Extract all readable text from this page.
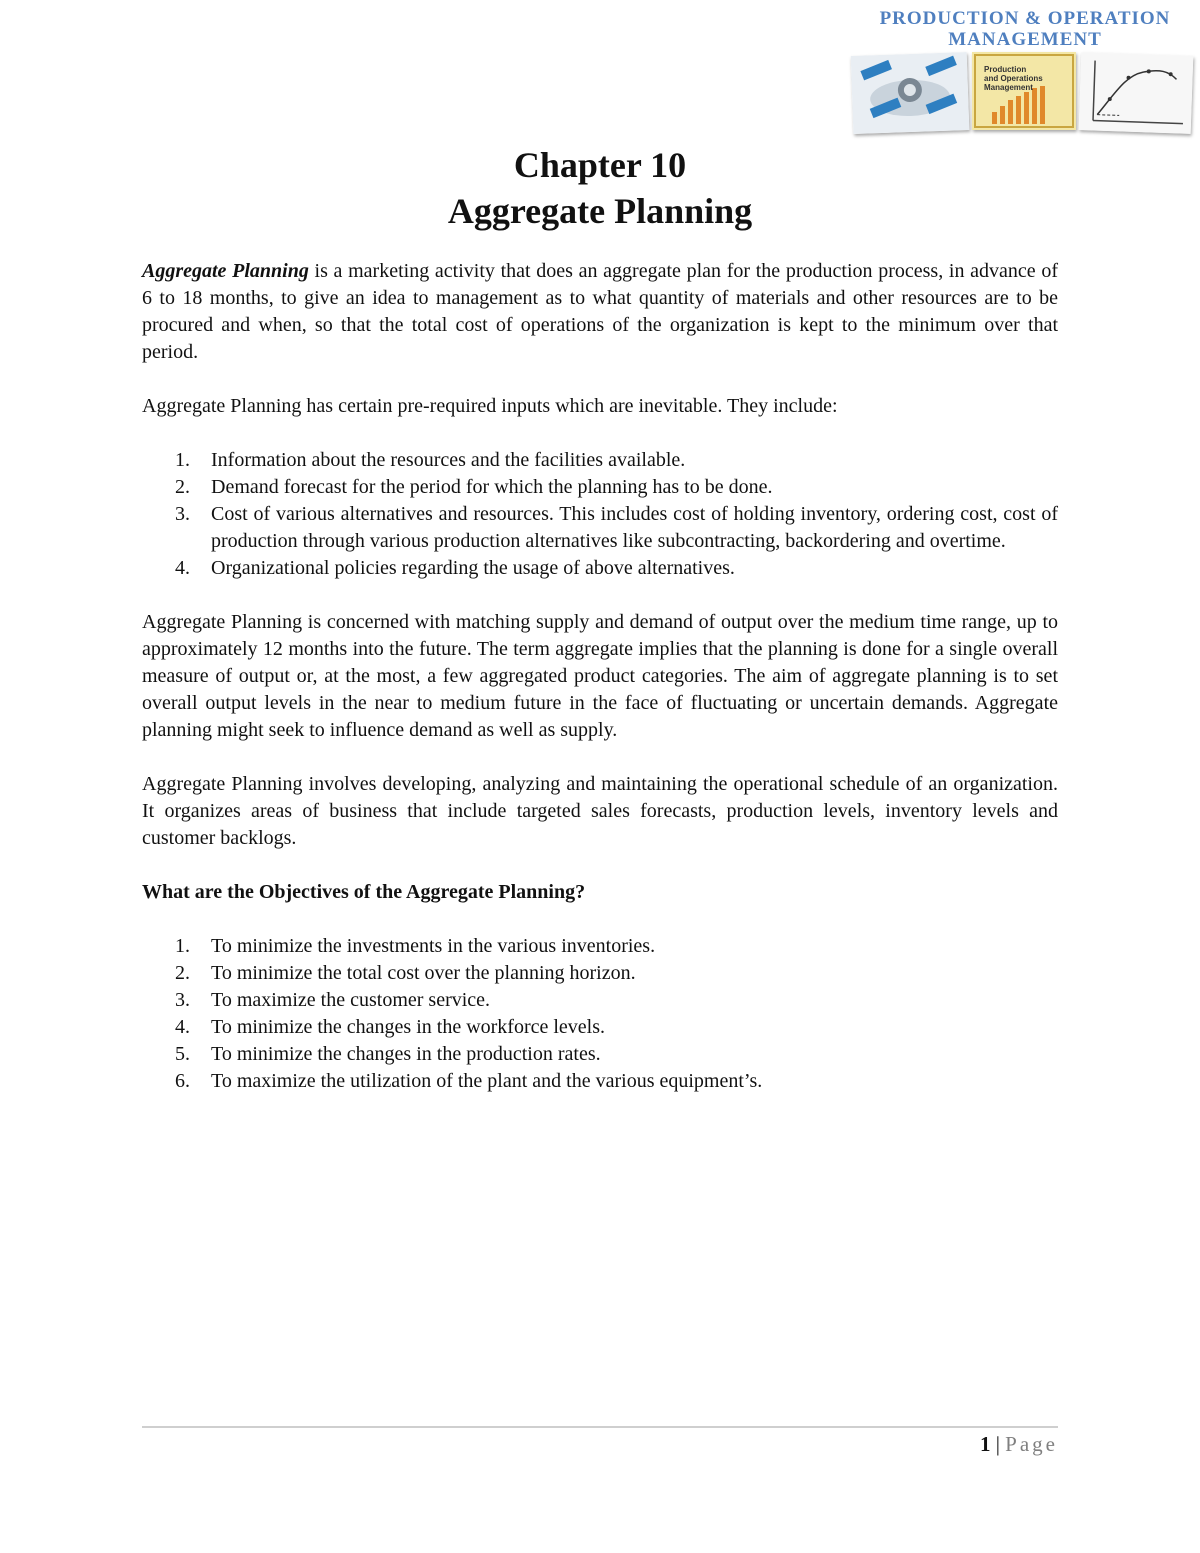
PRODUCTION & OPERATION
MANAGEMENT
Production
and Operations
Management
Chapter 10
Aggregate Planning

Aggregate Planning is a marketing activity that does an aggregate plan for the production process, in advance of 6 to 18 months, to give an idea to management as to what quantity of materials and other resources are to be procured and when, so that the total cost of operations of the organization is kept to the minimum over that period.

Aggregate Planning has certain pre-required inputs which are inevitable. They include:

1. Information about the resources and the facilities available.
2. Demand forecast for the period for which the planning has to be done.
3. Cost of various alternatives and resources. This includes cost of holding inventory, ordering cost, cost of production through various production alternatives like subcontracting, backordering and overtime.
4. Organizational policies regarding the usage of above alternatives.

Aggregate Planning is concerned with matching supply and demand of output over the medium time range, up to approximately 12 months into the future. The term aggregate implies that the planning is done for a single overall measure of output or, at the most, a few aggregated product categories. The aim of aggregate planning is to set overall output levels in the near to medium future in the face of fluctuating or uncertain demands. Aggregate planning might seek to influence demand as well as supply.

Aggregate Planning involves developing, analyzing and maintaining the operational schedule of an organization. It organizes areas of business that include targeted sales forecasts, production levels, inventory levels and customer backlogs.

What are the Objectives of the Aggregate Planning?
1. To minimize the investments in the various inventories.
2. To minimize the total cost over the planning horizon.
3. To maximize the customer service.
4. To minimize the changes in the workforce levels.
5. To minimize the changes in the production rates.
6. To maximize the utilization of the plant and the various equipment’s.
1 | Page
